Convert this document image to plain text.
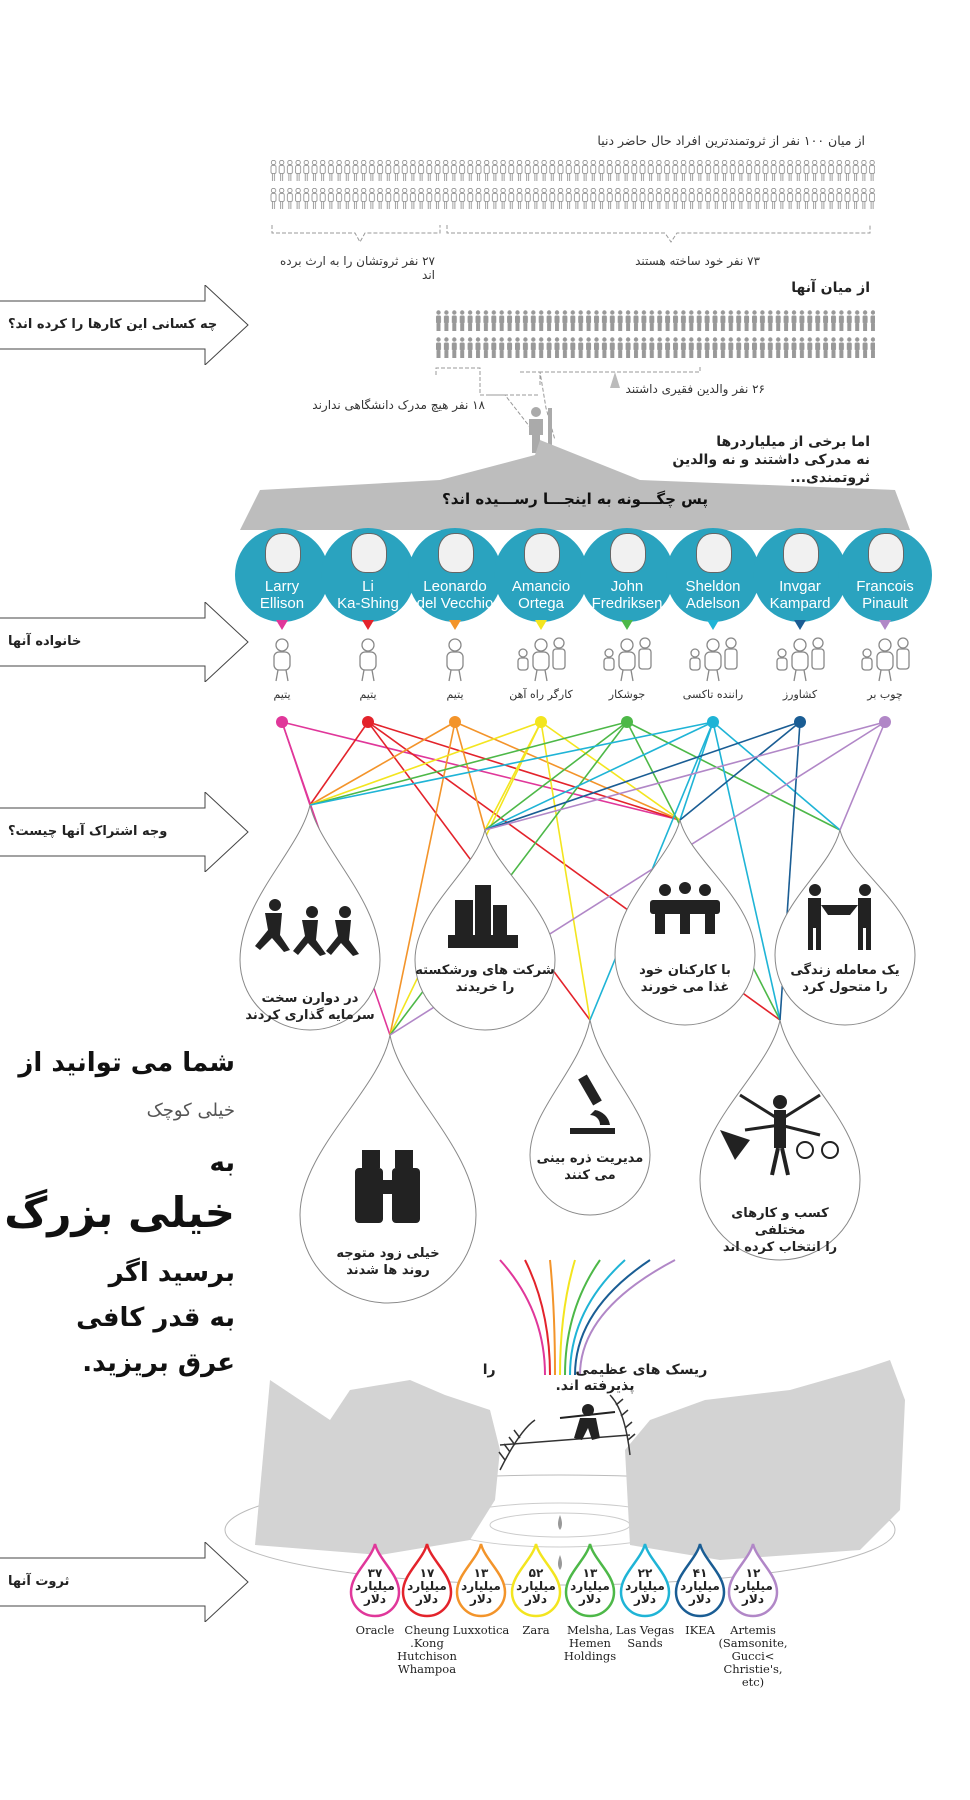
از میان ۱۰۰ نفر از ثروتمندترین افراد حال حاضر دنیا
۲۷ نفر ثروتشان را به ارث برده اند
۷۳ نفر خود ساخته هستند
از میان آنها
۱۸ نفر هیچ مدرک دانشگاهی ندارند
۲۶ نفر والدین فقیری داشتند
اما برخی از میلیاردرها
نه مدرکی داشتند و نه والدین ثروتمندی...
چه کسانی این کارها را کرده اند؟
خانواده آنها
وجه اشتراک آنها چیست؟
ثروت آنها
پس چگـــونه به اینجـــا رســـیده اند؟
Larry
Ellison
یتیم
Li
Ka-Shing
یتیم
Leonardo
del Vecchio
یتیم
Amancio
Ortega
کارگر راه آهن
John
Fredriksen
جوشکار
Sheldon
Adelson
راننده تاکسی
Invgar
Kampard
کشاورز
Francois
Pinault
چوب بر
در دوارن سخت
سرمایه گذاری کردند
شرکت های ورشکسته
را خریدند
با کارکنان خود
غذا می خورند
یک معامله زندگی
را متحول کرد
خیلی زود متوجه
روند ها شدند
مدیریت ذره بینی
می کنند
کسب و کارهای مختلفی
را انتخاب کرده اند
شما می توانید از
خیلی کوچک
به
خیلی بزرگ
برسید اگر
به قدر کافی
عرق بریزید.	ریسک های عظیمی  را پذیرفته اند.
۳۷
میلیارد
دلار
Oracle
۱۷
میلیارد
دلار
Cheung .Kong Hutchison Whampoa
۱۳
میلیارد
دلار
Luxxotica
۵۲
میلیارد
دلار
Zara
۱۳
میلیارد
دلار
Melsha, Hemen Holdings
۲۲
میلیارد
دلار
Las Vegas Sands
۴۱
میلیارد
دلار
IKEA
۱۲
میلیارد
دلار
Artemis (Samsonite, Gucci< Christie's, etc)
